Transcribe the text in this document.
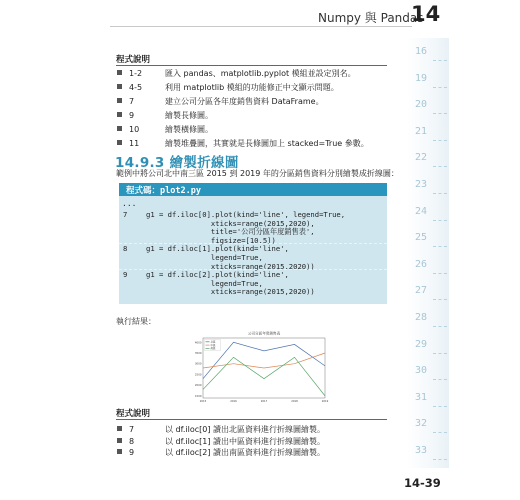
Numpy 與 Pandas
14
16
19
20
21
22
23
24
25
26
27
28
29
30
31
32
33
程式說明
1-2	匯入 pandas、matplotlib.pyplot 模組並設定別名。
4-5	利用 matplotlib 模組的功能修正中文顯示問題。
7	建立公司分區各年度銷售資料 DataFrame。
9	繪製長條圖。
10	繪製橫條圖。
11	繪製堆疊圖，其實就是長條圖加上 stacked=True 參數。
14.9.3 繪製折線圖
範例中將公司北中南三區 2015 到 2019 年的分區銷售資料分別繪製成折線圖：
程式碼：plot2.py
...
7	g1 = df.iloc[0].plot(kind='line', legend=True,
xticks=range(2015,2020),
title='公司分區年度銷售表',
figsize=[10,5])
8	g1 = df.iloc[1].plot(kind='line',
legend=True,
xticks=range(2015,2020))
9	g1 = df.iloc[2].plot(kind='line',
legend=True,
xticks=range(2015,2020))
執行結果：
公司分區年度銷售表
4000
3500
3000
2500
2000
1500
2015	2016	2017	2018	2019
北區
中區
南區
程式說明
7	以 df.iloc[0] 讀出北區資料進行折線圖繪製。
8	以 df.iloc[1] 讀出中區資料進行折線圖繪製。
9	以 df.iloc[2] 讀出南區資料進行折線圖繪製。
14-39
